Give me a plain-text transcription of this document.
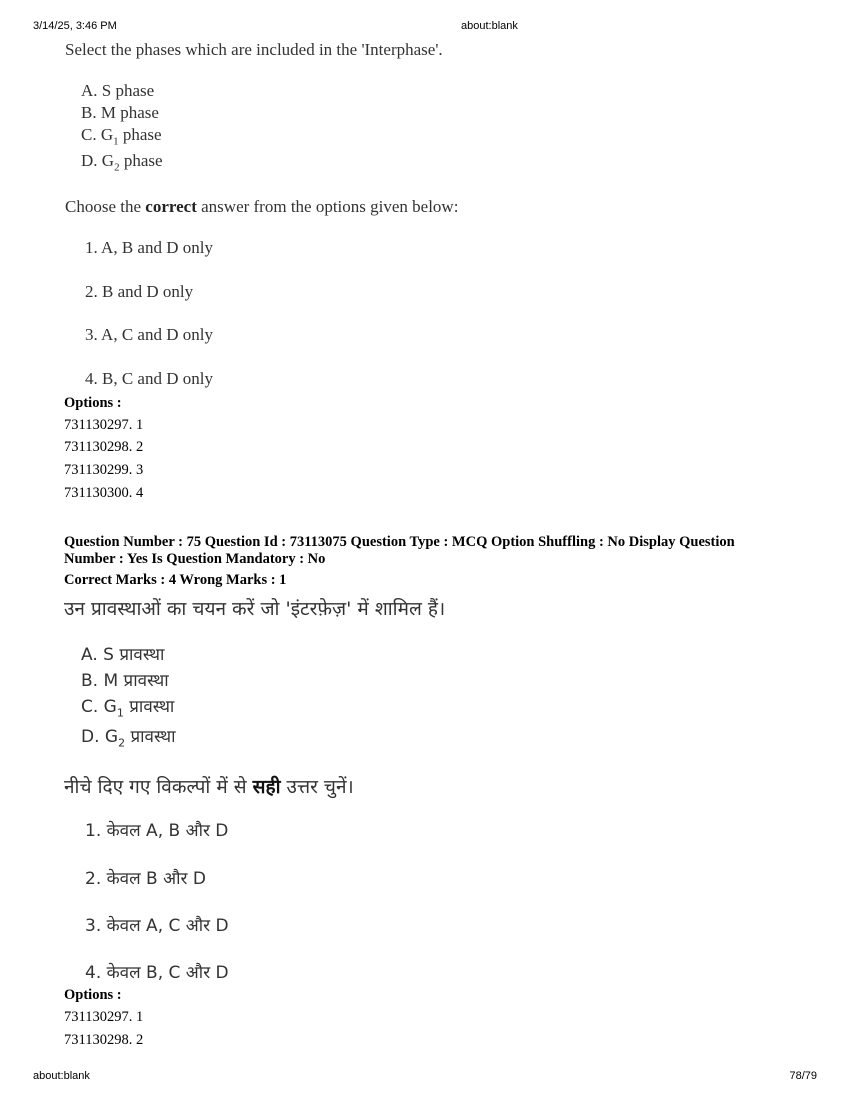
3/14/25, 3:46 PM	about:blank
Select the phases which are included in the 'Interphase'.
A. S phase
B. M phase
C. $G_1$ phase
D. $G_2$ phase
Choose the correct answer from the options given below:
1. A, B and D only
2. B and D only
3. A, C and D only
4. B, C and D only
Options :
731130297. 1
731130298. 2
731130299. 3
731130300. 4
Question Number : 75 Question Id : 73113075 Question Type : MCQ Option Shuffling : No Display Question Number : Yes Is Question Mandatory : No
Correct Marks : 4 Wrong Marks : 1
उन प्रावस्थाओं का चयन करें जो 'इंटरफ़ेज़' में शामिल हैं।
A. S प्रावस्था
B. M प्रावस्था
C. $G_1$ प्रावस्था
D. $G_2$ प्रावस्था
नीचे दिए गए विकल्पों में से सही उत्तर चुनें।
1. केवल A, B और D
2. केवल B और D
3. केवल A, C और D
4. केवल B, C और D
Options :
731130297. 1
731130298. 2
about:blank	78/79
